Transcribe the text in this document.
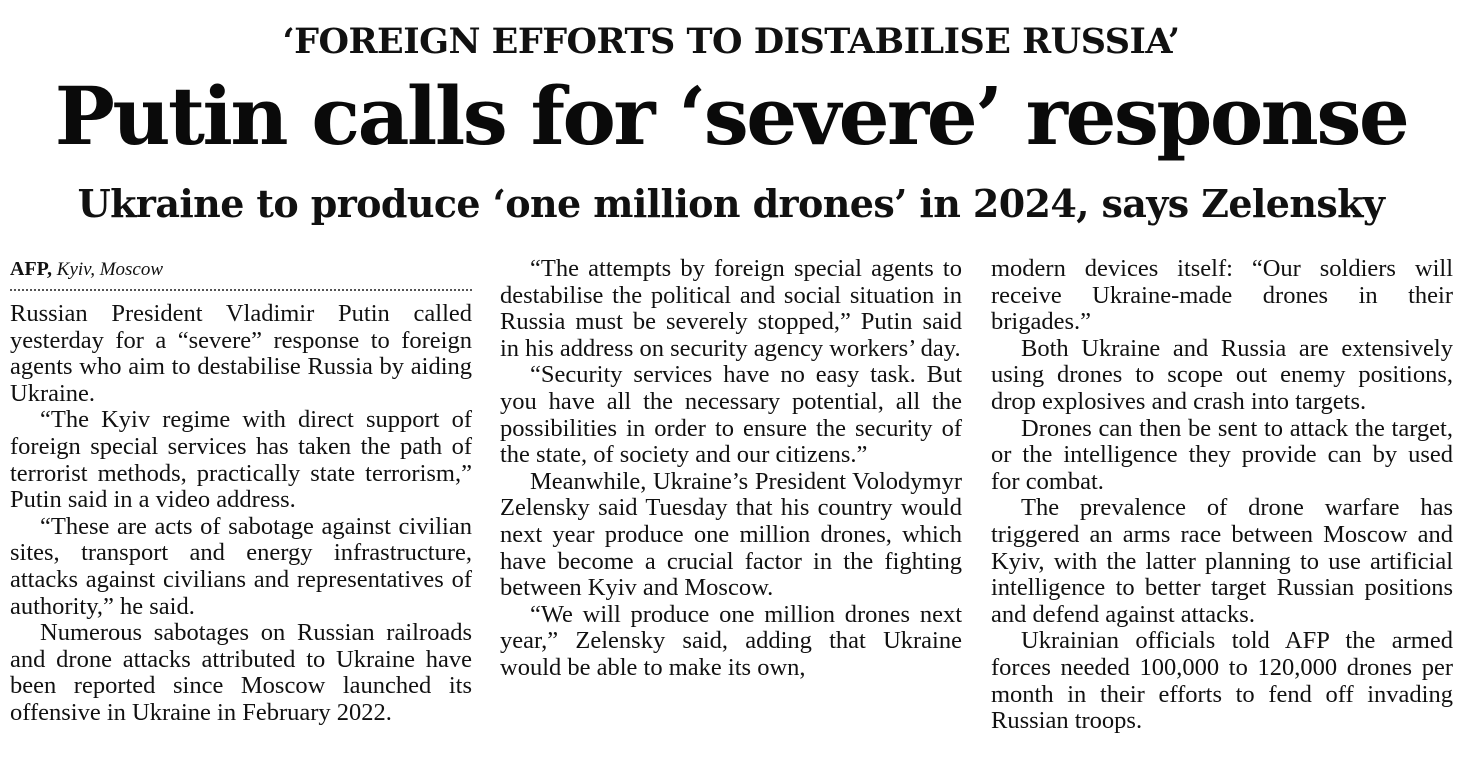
‘FOREIGN EFFORTS TO DISTABILISE RUSSIA’
Putin calls for ‘severe’ response
Ukraine to produce ‘one million drones’ in 2024, says Zelensky
AFP, Kyiv, Moscow

Russian President Vladimir Putin called yesterday for a “severe” response to foreign agents who aim to destabilise Russia by aiding Ukraine.

“The Kyiv regime with direct support of foreign special services has taken the path of terrorist methods, practically state terrorism,” Putin said in a video address.

“These are acts of sabotage against civilian sites, transport and energy infrastructure, attacks against civilians and representatives of authority,” he said.

Numerous sabotages on Russian railroads and drone attacks attributed to Ukraine have been reported since Moscow launched its offensive in Ukraine in February 2022.

“The attempts by foreign special agents to destabilise the political and social situation in Russia must be severely stopped,” Putin said in his address on security agency workers’ day.

“Security services have no easy task. But you have all the necessary potential, all the possibilities in order to ensure the security of the state, of society and our citizens.”

Meanwhile, Ukraine’s President Volodymyr Zelensky said Tuesday that his country would next year produce one million drones, which have become a crucial factor in the fighting between Kyiv and Moscow.

“We will produce one million drones next year,” Zelensky said, adding that Ukraine would be able to make its own,

modern devices itself: “Our soldiers will receive Ukraine-made drones in their brigades.”

Both Ukraine and Russia are extensively using drones to scope out enemy positions, drop explosives and crash into targets.

Drones can then be sent to attack the target, or the intelligence they provide can by used for combat.

The prevalence of drone warfare has triggered an arms race between Moscow and Kyiv, with the latter planning to use artificial intelligence to better target Russian positions and defend against attacks.

Ukrainian officials told AFP the armed forces needed 100,000 to 120,000 drones per month in their efforts to fend off invading Russian troops.
